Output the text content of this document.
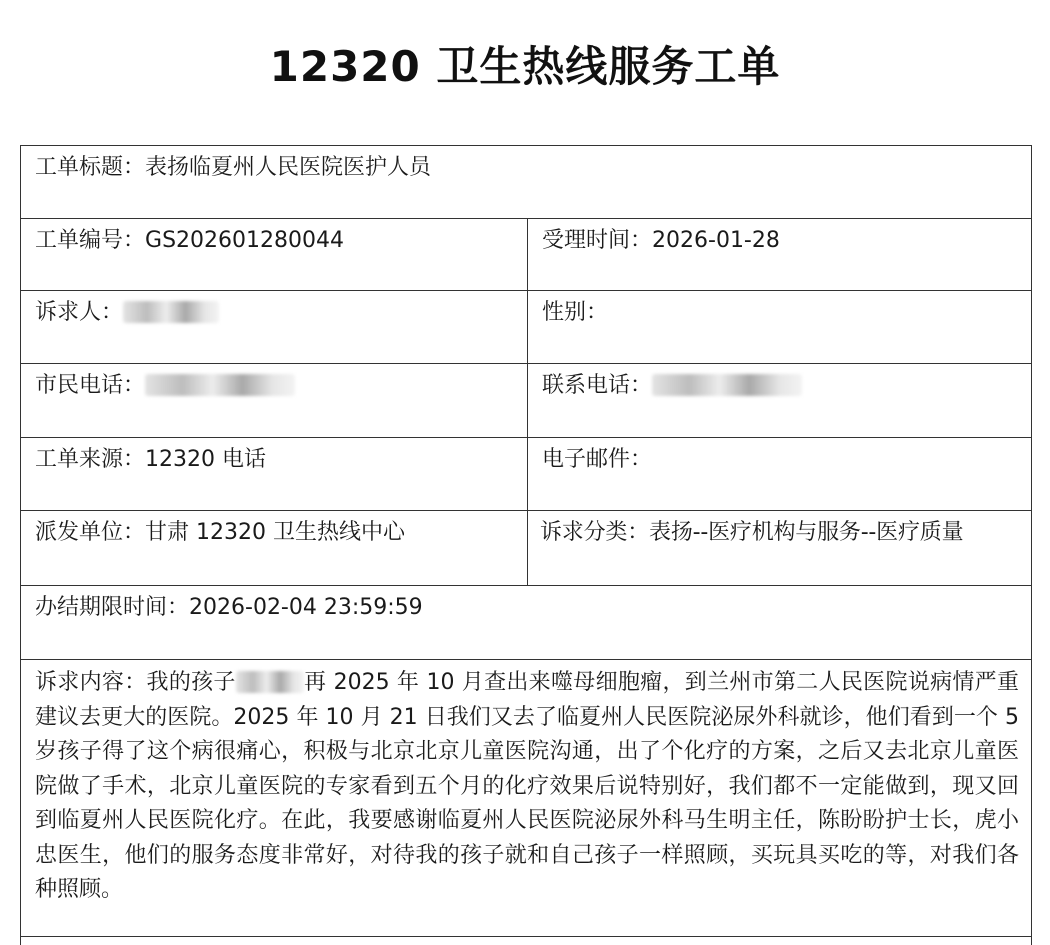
12320 卫生热线服务工单
工单标题：表扬临夏州人民医院医护人员
工单编号：GS202601280044	受理时间：2026-01-28
诉求人：	性别：
市民电话：	联系电话：
工单来源：12320 电话	电子邮件：
派发单位：甘肃 12320 卫生热线中心	诉求分类：表扬--医疗机构与服务--医疗质量
办结期限时间：2026-02-04 23:59:59
诉求内容：我的孩子	再 2025 年 10 月查出来噬母细胞瘤，到兰州市第二人民医院说病情严重建议去更大的医院。2025 年 10 月 21 日我们又去了临夏州人民医院泌尿外科就诊，他们看到一个 5 岁孩子得了这个病很痛心，积极与北京北京儿童医院沟通，出了个化疗的方案，之后又去北京儿童医院做了手术，北京儿童医院的专家看到五个月的化疗效果后说特别好，我们都不一定能做到，现又回到临夏州人民医院化疗。在此，我要感谢临夏州人民医院泌尿外科马生明主任，陈盼盼护士长，虎小忠医生，他们的服务态度非常好，对待我的孩子就和自己孩子一样照顾，买玩具买吃的等，对我们各种照顾。
